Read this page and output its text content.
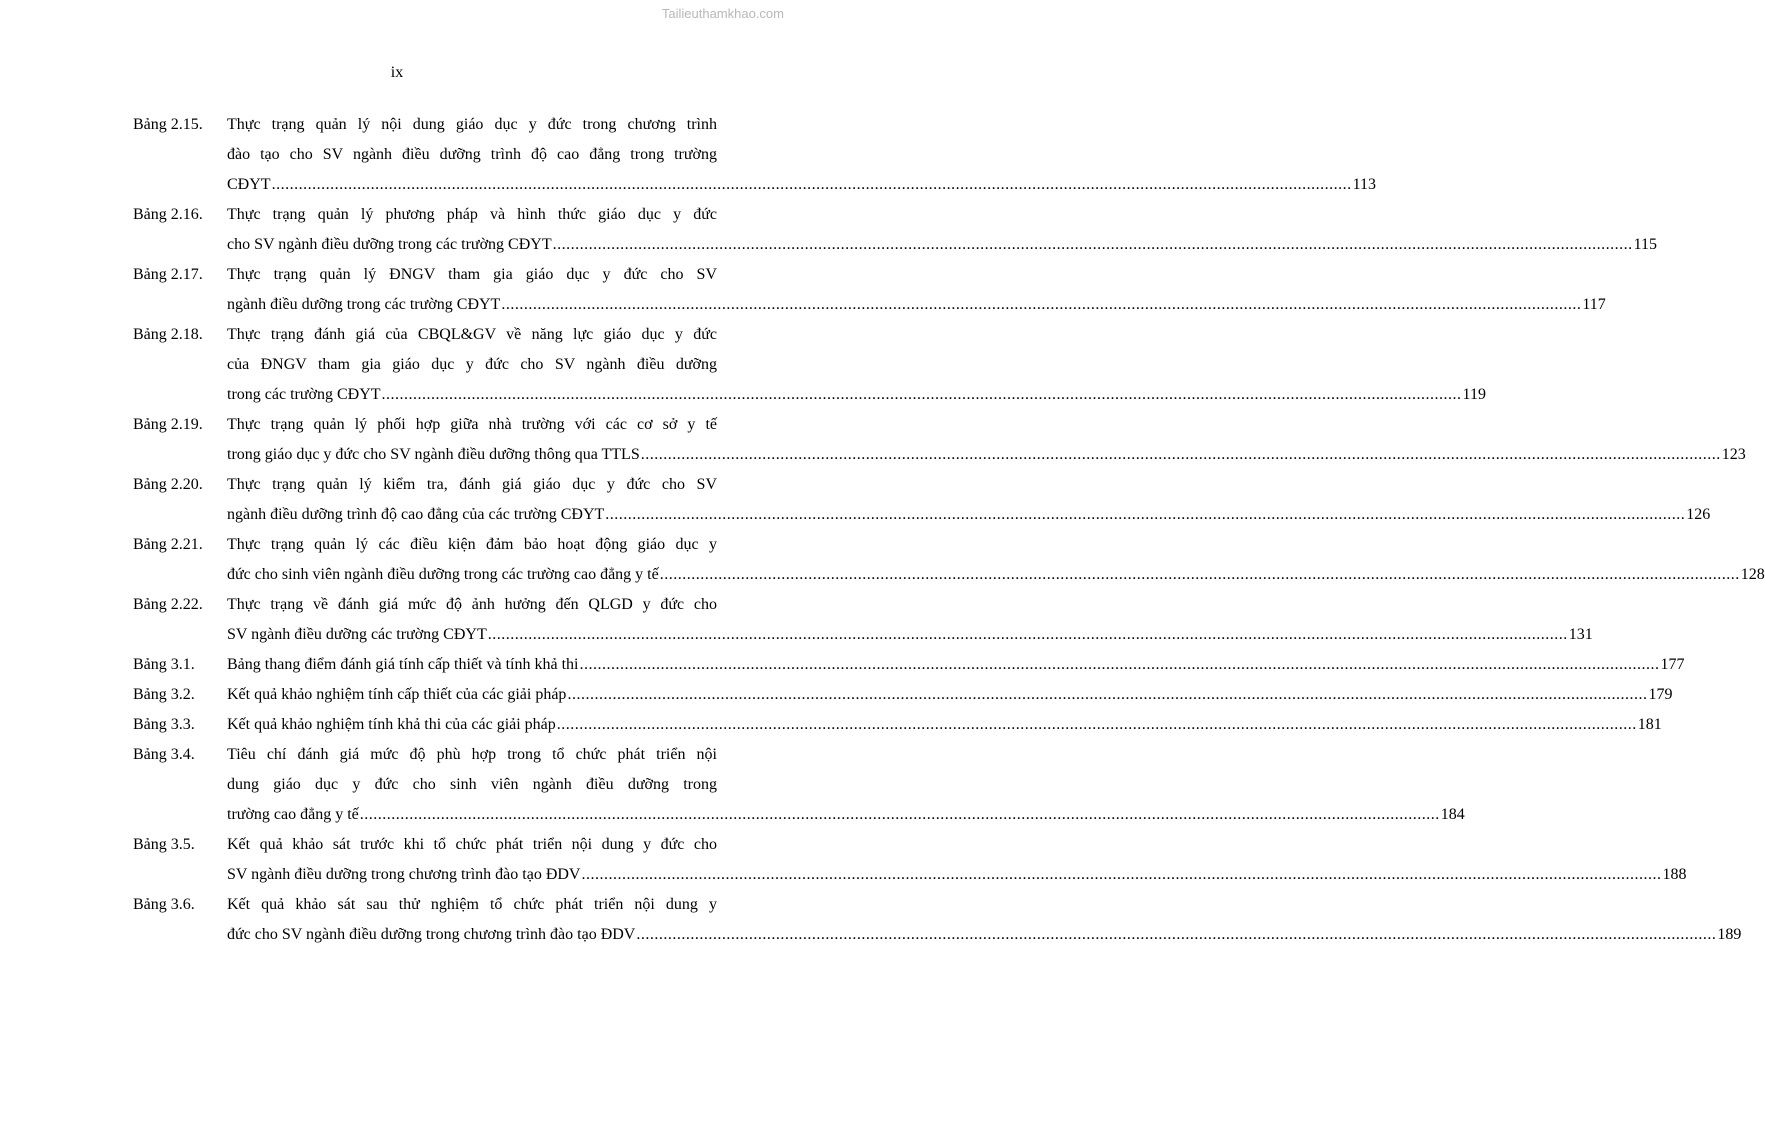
Tailieuthamkhao.com
ix
Bảng 2.15.	Thực trạng quản lý nội dung giáo dục y đức trong chương trình
đào tạo cho SV ngành điều dưỡng trình độ cao đẳng trong trường
CĐYT .....	113
Bảng 2.16.	Thực trạng quản lý phương pháp và hình thức giáo dục y đức
cho SV ngành điều dưỡng trong các trường CĐYT .....	115
Bảng 2.17.	Thực trạng quản lý ĐNGV tham gia giáo dục y đức cho SV
ngành điều dưỡng trong các trường CĐYT .....	117
Bảng 2.18.	Thực trạng đánh giá của CBQL&GV về năng lực giáo dục y đức
của ĐNGV tham gia giáo dục y đức cho SV ngành điều dưỡng
trong các trường CĐYT .....	119
Bảng 2.19.	Thực trạng quản lý phối hợp giữa nhà trường với các cơ sở y tế
trong giáo dục y đức cho SV ngành điều dưỡng thông qua TTLS .....	123
Bảng 2.20.	Thực trạng quản lý kiểm tra, đánh giá giáo dục y đức cho SV
ngành điều dưỡng trình độ cao đẳng của các trường CĐYT .....	126
Bảng 2.21.	Thực trạng quản lý các điều kiện đảm bảo hoạt động giáo dục y
đức cho sinh viên ngành điều dưỡng trong các trường cao đẳng y tế .....	128
Bảng 2.22.	Thực trạng về đánh giá mức độ ảnh hưởng đến QLGD y đức cho
SV ngành điều dưỡng các trường CĐYT .....	131
Bảng 3.1.	Bảng thang điểm đánh giá tính cấp thiết và tính khả thi .....	177
Bảng 3.2.	Kết quả khảo nghiệm tính cấp thiết của các giải pháp .....	179
Bảng 3.3.	Kết quả khảo nghiệm tính khả thi của các giải pháp .....	181
Bảng 3.4.	Tiêu chí đánh giá mức độ phù hợp trong tổ chức phát triển nội
dung giáo dục y đức cho sinh viên ngành điều dưỡng trong
trường cao đẳng y tế .....	184
Bảng 3.5.	Kết quả khảo sát trước khi tổ chức phát triển nội dung y đức cho
SV ngành điều dưỡng trong chương trình đào tạo ĐDV .....	188
Bảng 3.6.	Kết quả khảo sát sau thử nghiệm tổ chức phát triển nội dung y
đức cho SV ngành điều dưỡng trong chương trình đào tạo ĐDV .....	189
